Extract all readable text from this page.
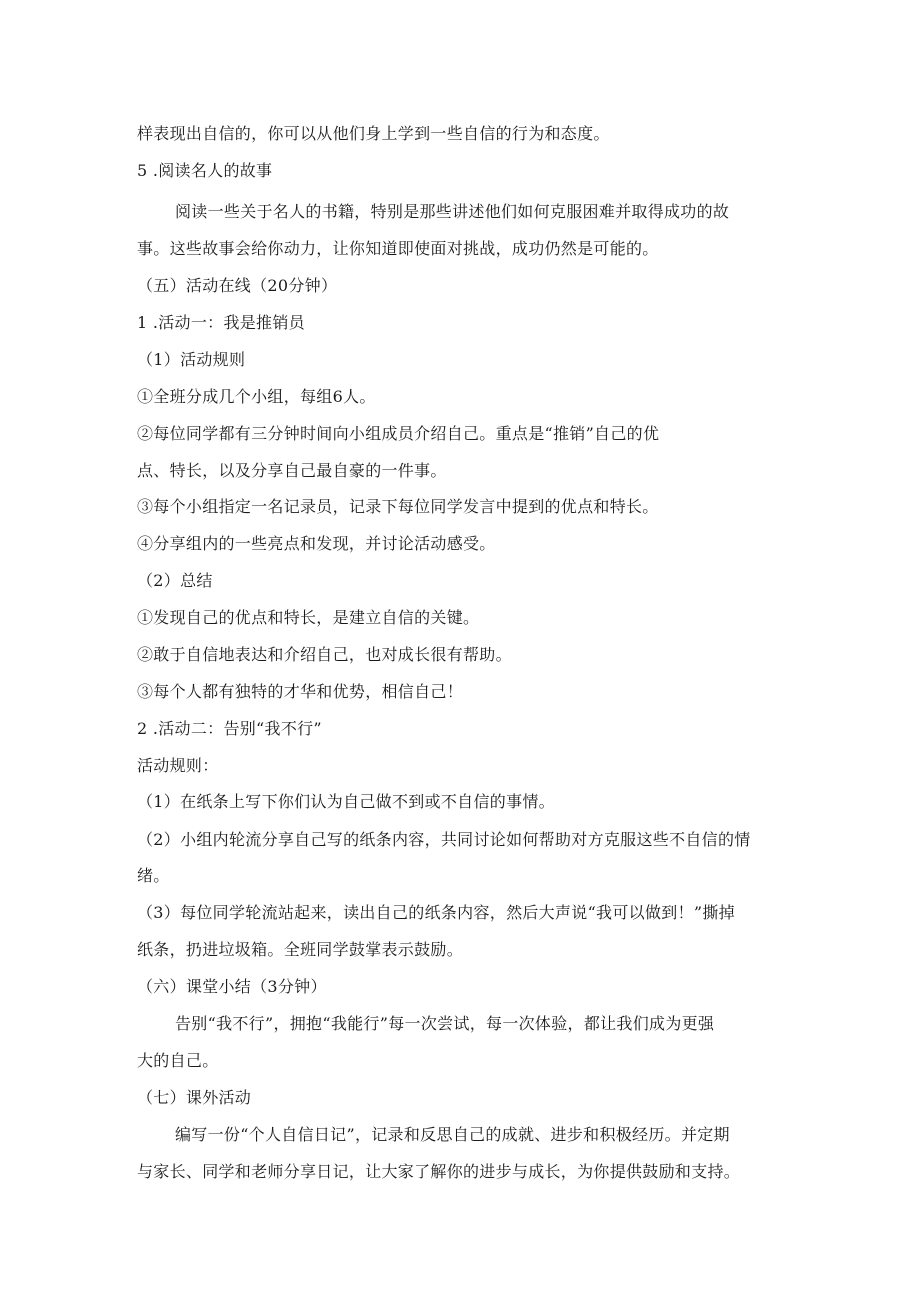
样表现出自信的，你可以从他们身上学到一些自信的行为和态度。
5 .阅读名人的故事
阅读一些关于名人的书籍，特别是那些讲述他们如何克服困难并取得成功的故
事。这些故事会给你动力，让你知道即使面对挑战，成功仍然是可能的。
（五）活动在线（20分钟）
1 .活动一：我是推销员
（1）活动规则
①全班分成几个小组，每组6人。
②每位同学都有三分钟时间向小组成员介绍自己。重点是“推销”自己的优
点、特长，以及分享自己最自豪的一件事。
③每个小组指定一名记录员，记录下每位同学发言中提到的优点和特长。
④分享组内的一些亮点和发现，并讨论活动感受。
（2）总结
①发现自己的优点和特长，是建立自信的关键。
②敢于自信地表达和介绍自己，也对成长很有帮助。
③每个人都有独特的才华和优势，相信自己！
2 .活动二：告别“我不行”
活动规则：
（1）在纸条上写下你们认为自己做不到或不自信的事情。
（2）小组内轮流分享自己写的纸条内容，共同讨论如何帮助对方克服这些不自信的情
绪。
（3）每位同学轮流站起来，读出自己的纸条内容，然后大声说“我可以做到！”撕掉
纸条，扔进垃圾箱。全班同学鼓掌表示鼓励。
（六）课堂小结（3分钟）
告别“我不行”，拥抱“我能行”每一次尝试，每一次体验，都让我们成为更强
大的自己。
（七）课外活动
编写一份“个人自信日记”，记录和反思自己的成就、进步和积极经历。并定期
与家长、同学和老师分享日记，让大家了解你的进步与成长，为你提供鼓励和支持。
